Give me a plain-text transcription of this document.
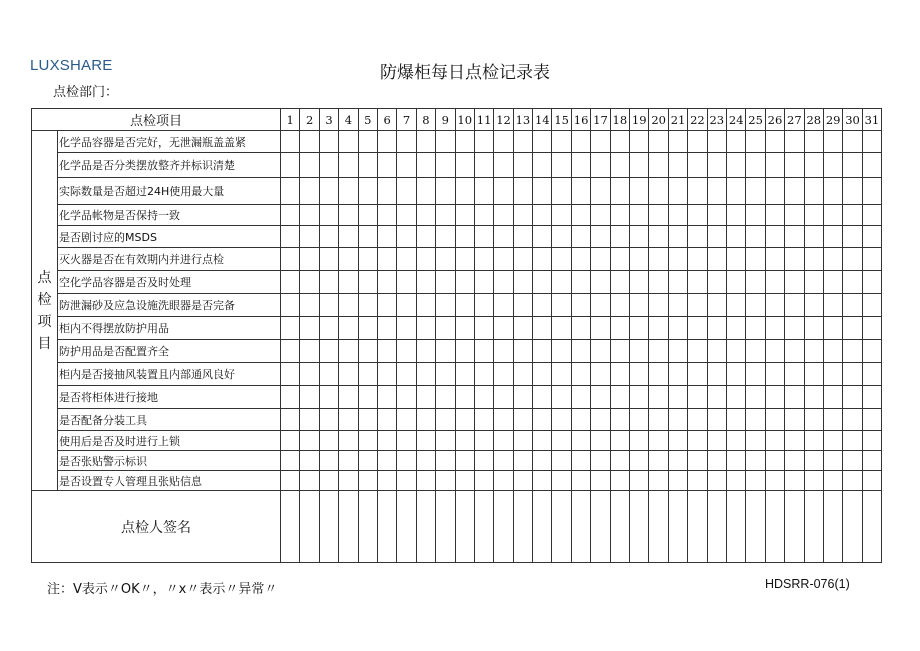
LUXSHARE	防爆柜每日点检记录表
点检部门：
点检项目		1	2	3	4	5	6	7	8	9	10	11	12	13	14	15	16	17	18	19	20	21	22	23	24	25	26	27	28	29	30	31
点检项目	化学品容器是否完好，无泄漏瓶盖盖紧																															
	化学品是否分类摆放整齐并标识清楚																															
	实际数量是否超过24H使用最大量																															
	化学品帐物是否保持一致																															
	是否剧讨应的MSDS																															
	灭火器是否在有效期内并进行点检																															
	空化学品容器是否及时处理																															
	防泄漏砂及应急设施洗眼器是否完备																															
	柜内不得摆放防护用品																															
	防护用品是否配置齐全																															
	柜内是否接抽风装置且内部通风良好																															
	是否将柜体进行接地																															
	是否配备分装工具																															
	使用后是否及时进行上锁																															
	是否张贴警示标识																															
	是否设置专人管理且张贴信息																															
点检人签名																																
注：V表示〃OK〃，〃x〃表示〃异常〃	HDSRR-076(1)
